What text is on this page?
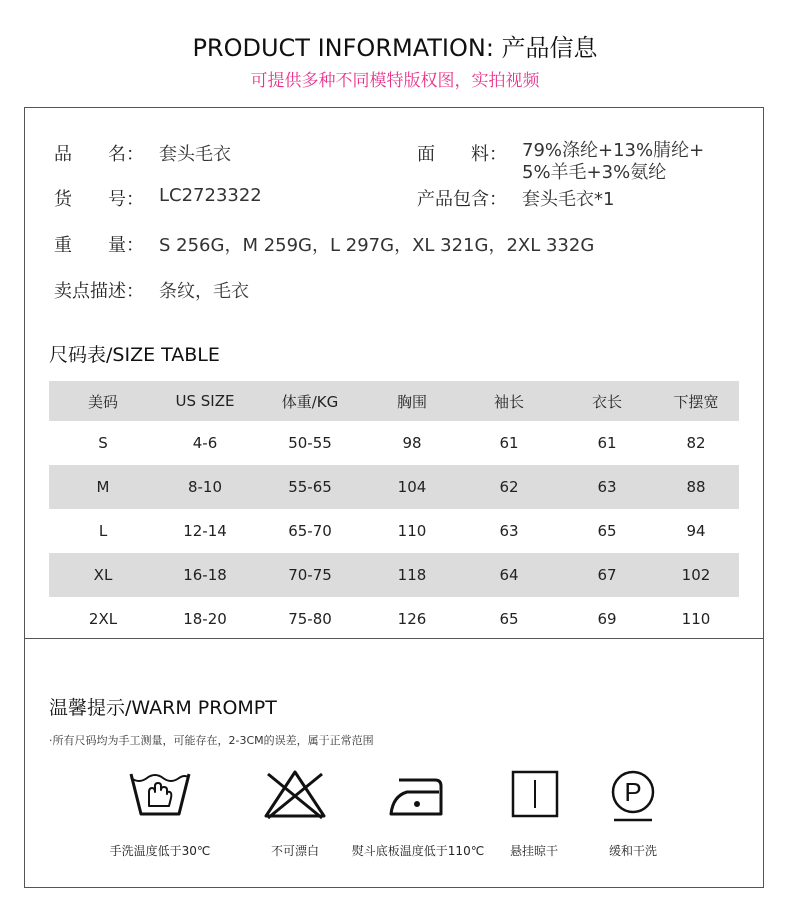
PRODUCT INFORMATION: 产品信息
可提供多种不同模特版权图，实拍视频
品　　名： 套头毛衣	面　　料： 79%涤纶+13%腈纶+
5%羊毛+3%氨纶
货　　号： LC2723322	产品包含： 套头毛衣*1
重　　量： S 256G，M 259G，L 297G，XL 321G，2XL 332G
卖点描述： 条纹，毛衣
尺码表/SIZE TABLE
美码	US SIZE	体重/KG	胸围	袖长	衣长	下摆宽
S	4-6	50-55	98	61	61	82
M	8-10	55-65	104	62	63	88
L	12-14	65-70	110	63	65	94
XL	16-18	70-75	118	64	67	102
2XL	18-20	75-80	126	65	69	110
温馨提示/WARM PROMPT
·所有尺码均为手工测量，可能存在，2-3CM的误差，属于正常范围
手洗温度低于30℃	不可漂白	熨斗底板温度低于110℃	悬挂晾干
P
缓和干洗
